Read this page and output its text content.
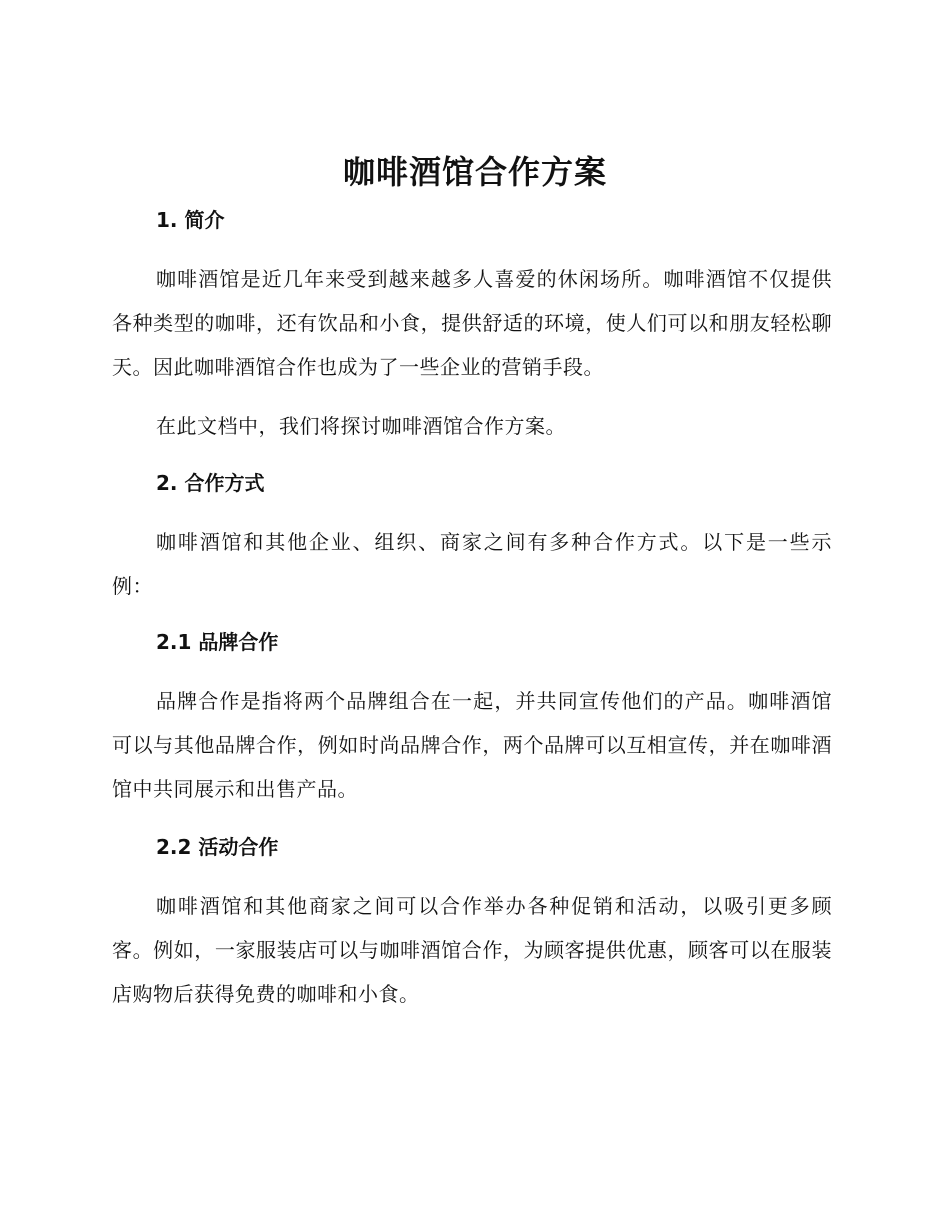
咖啡酒馆合作方案
1. 简介

咖啡酒馆是近几年来受到越来越多人喜爱的休闲场所。咖啡酒馆不仅提供各种类型的咖啡，还有饮品和小食，提供舒适的环境，使人们可以和朋友轻松聊天。因此咖啡酒馆合作也成为了一些企业的营销手段。

在此文档中，我们将探讨咖啡酒馆合作方案。

2. 合作方式

咖啡酒馆和其他企业、组织、商家之间有多种合作方式。以下是一些示例：

2.1 品牌合作

品牌合作是指将两个品牌组合在一起，并共同宣传他们的产品。咖啡酒馆可以与其他品牌合作，例如时尚品牌合作，两个品牌可以互相宣传，并在咖啡酒馆中共同展示和出售产品。

2.2 活动合作

咖啡酒馆和其他商家之间可以合作举办各种促销和活动，以吸引更多顾客。例如，一家服装店可以与咖啡酒馆合作，为顾客提供优惠，顾客可以在服装店购物后获得免费的咖啡和小食。
